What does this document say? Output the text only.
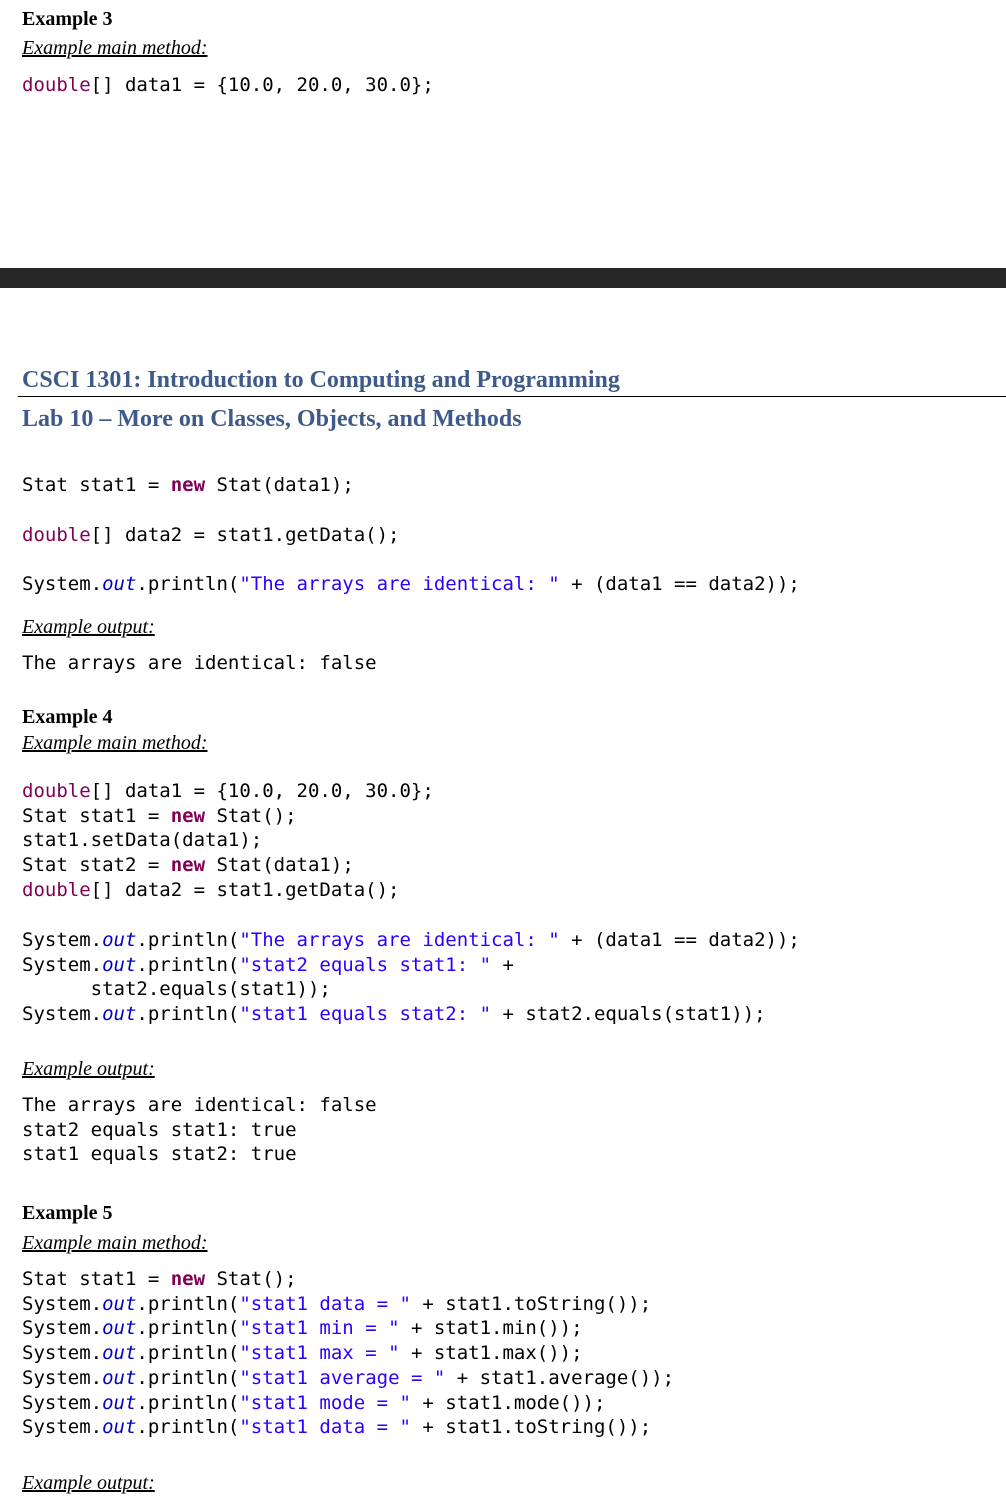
Example 3
Example main method:
double[] data1 = {10.0, 20.0, 30.0};
CSCI 1301: Introduction to Computing and Programming
Lab 10 – More on Classes, Objects, and Methods
Stat stat1 = new Stat(data1);
double[] data2 = stat1.getData();
System.out.println("The arrays are identical: " + (data1 == data2));
Example output:
The arrays are identical: false
Example 4
Example main method:
double[] data1 = {10.0, 20.0, 30.0};
Stat stat1 = new Stat();
stat1.setData(data1);
Stat stat2 = new Stat(data1);
double[] data2 = stat1.getData();
System.out.println("The arrays are identical: " + (data1 == data2));
System.out.println("stat2 equals stat1: " +
stat2.equals(stat1));
System.out.println("stat1 equals stat2: " + stat2.equals(stat1));
Example output:
The arrays are identical: false
stat2 equals stat1: true
stat1 equals stat2: true
Example 5
Example main method:
Stat stat1 = new Stat();
System.out.println("stat1 data = " + stat1.toString());
System.out.println("stat1 min = " + stat1.min());
System.out.println("stat1 max = " + stat1.max());
System.out.println("stat1 average = " + stat1.average());
System.out.println("stat1 mode = " + stat1.mode());
System.out.println("stat1 data = " + stat1.toString());
Example output:
